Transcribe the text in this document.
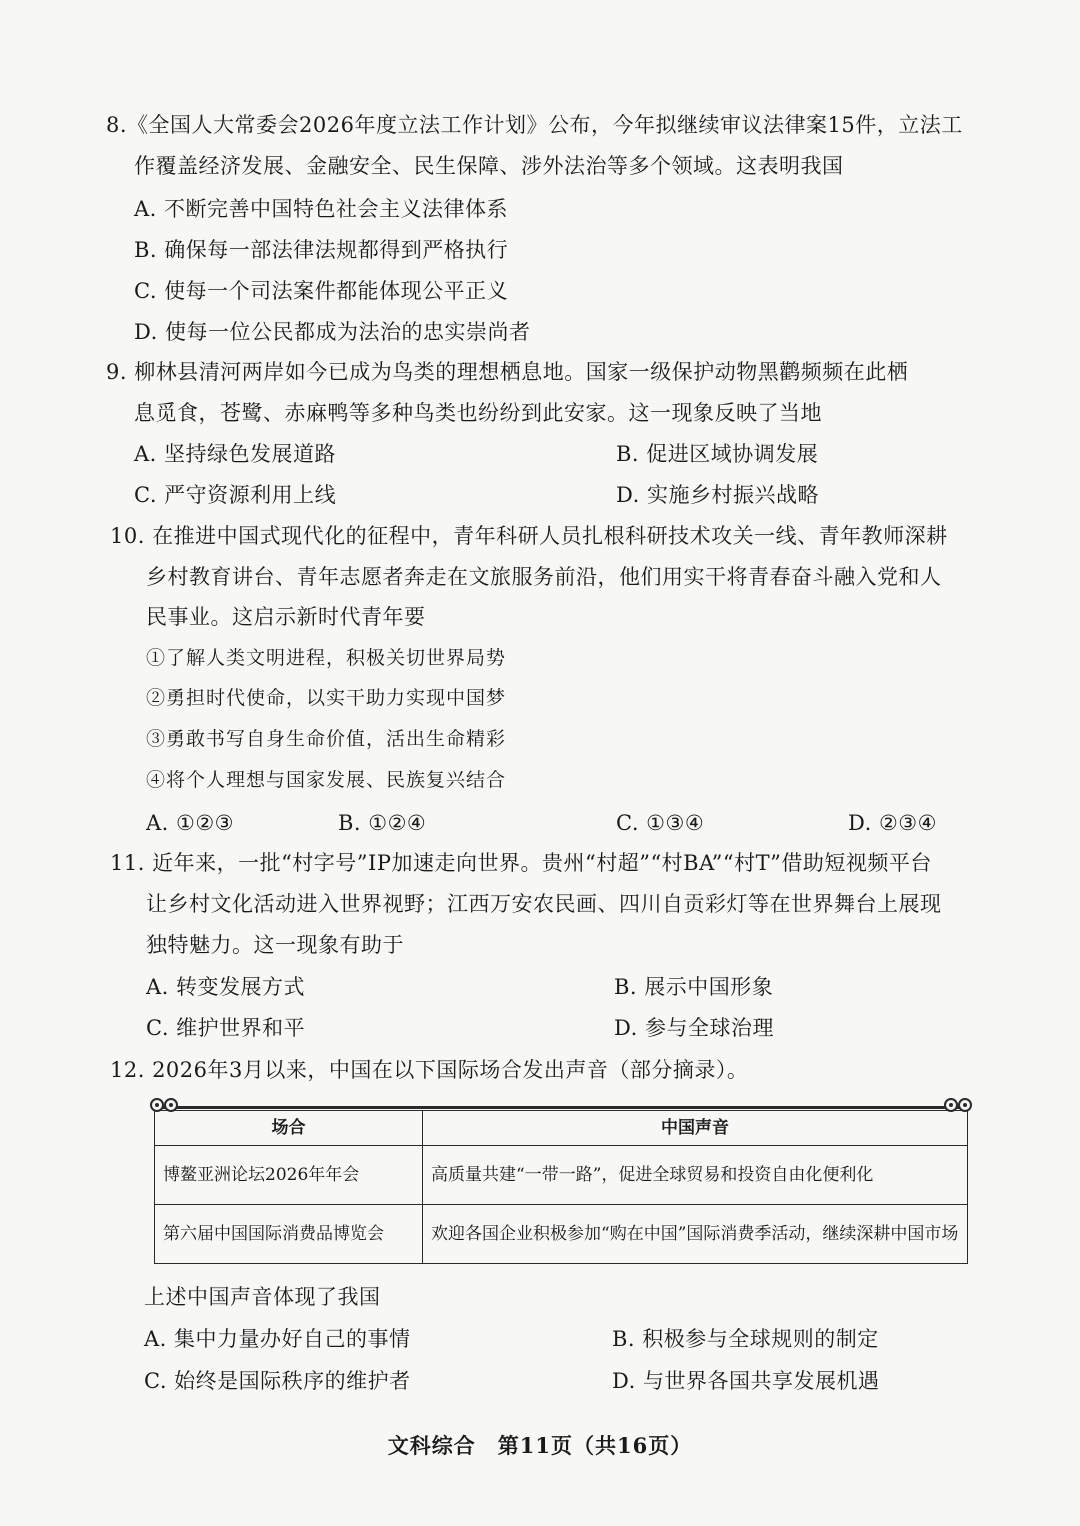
8.《全国人大常委会2026年度立法工作计划》公布，今年拟继续审议法律案15件，立法工
作覆盖经济发展、金融安全、民生保障、涉外法治等多个领域。这表明我国
A. 不断完善中国特色社会主义法律体系
B. 确保每一部法律法规都得到严格执行
C. 使每一个司法案件都能体现公平正义
D. 使每一位公民都成为法治的忠实崇尚者
9. 柳林县清河两岸如今已成为鸟类的理想栖息地。国家一级保护动物黑鹳频频在此栖
息觅食，苍鹭、赤麻鸭等多种鸟类也纷纷到此安家。这一现象反映了当地
A. 坚持绿色发展道路	B. 促进区域协调发展
C. 严守资源利用上线	D. 实施乡村振兴战略
10. 在推进中国式现代化的征程中，青年科研人员扎根科研技术攻关一线、青年教师深耕
乡村教育讲台、青年志愿者奔走在文旅服务前沿，他们用实干将青春奋斗融入党和人
民事业。这启示新时代青年要
①了解人类文明进程，积极关切世界局势
②勇担时代使命，以实干助力实现中国梦
③勇敢书写自身生命价值，活出生命精彩
④将个人理想与国家发展、民族复兴结合
A. ①②③	B. ①②④	C. ①③④	D. ②③④
11. 近年来，一批“村字号”IP加速走向世界。贵州“村超”“村BA”“村T”借助短视频平台
让乡村文化活动进入世界视野；江西万安农民画、四川自贡彩灯等在世界舞台上展现
独特魅力。这一现象有助于
A. 转变发展方式	B. 展示中国形象
C. 维护世界和平	D. 参与全球治理
12. 2026年3月以来，中国在以下国际场合发出声音（部分摘录）。
场合	中国声音
博鳌亚洲论坛2026年年会	高质量共建“一带一路”，促进全球贸易和投资自由化便利化
第六届中国国际消费品博览会	欢迎各国企业积极参加“购在中国”国际消费季活动，继续深耕中国市场
上述中国声音体现了我国
A. 集中力量办好自己的事情	B. 积极参与全球规则的制定
C. 始终是国际秩序的维护者	D. 与世界各国共享发展机遇
文科综合　第11页（共16页）
